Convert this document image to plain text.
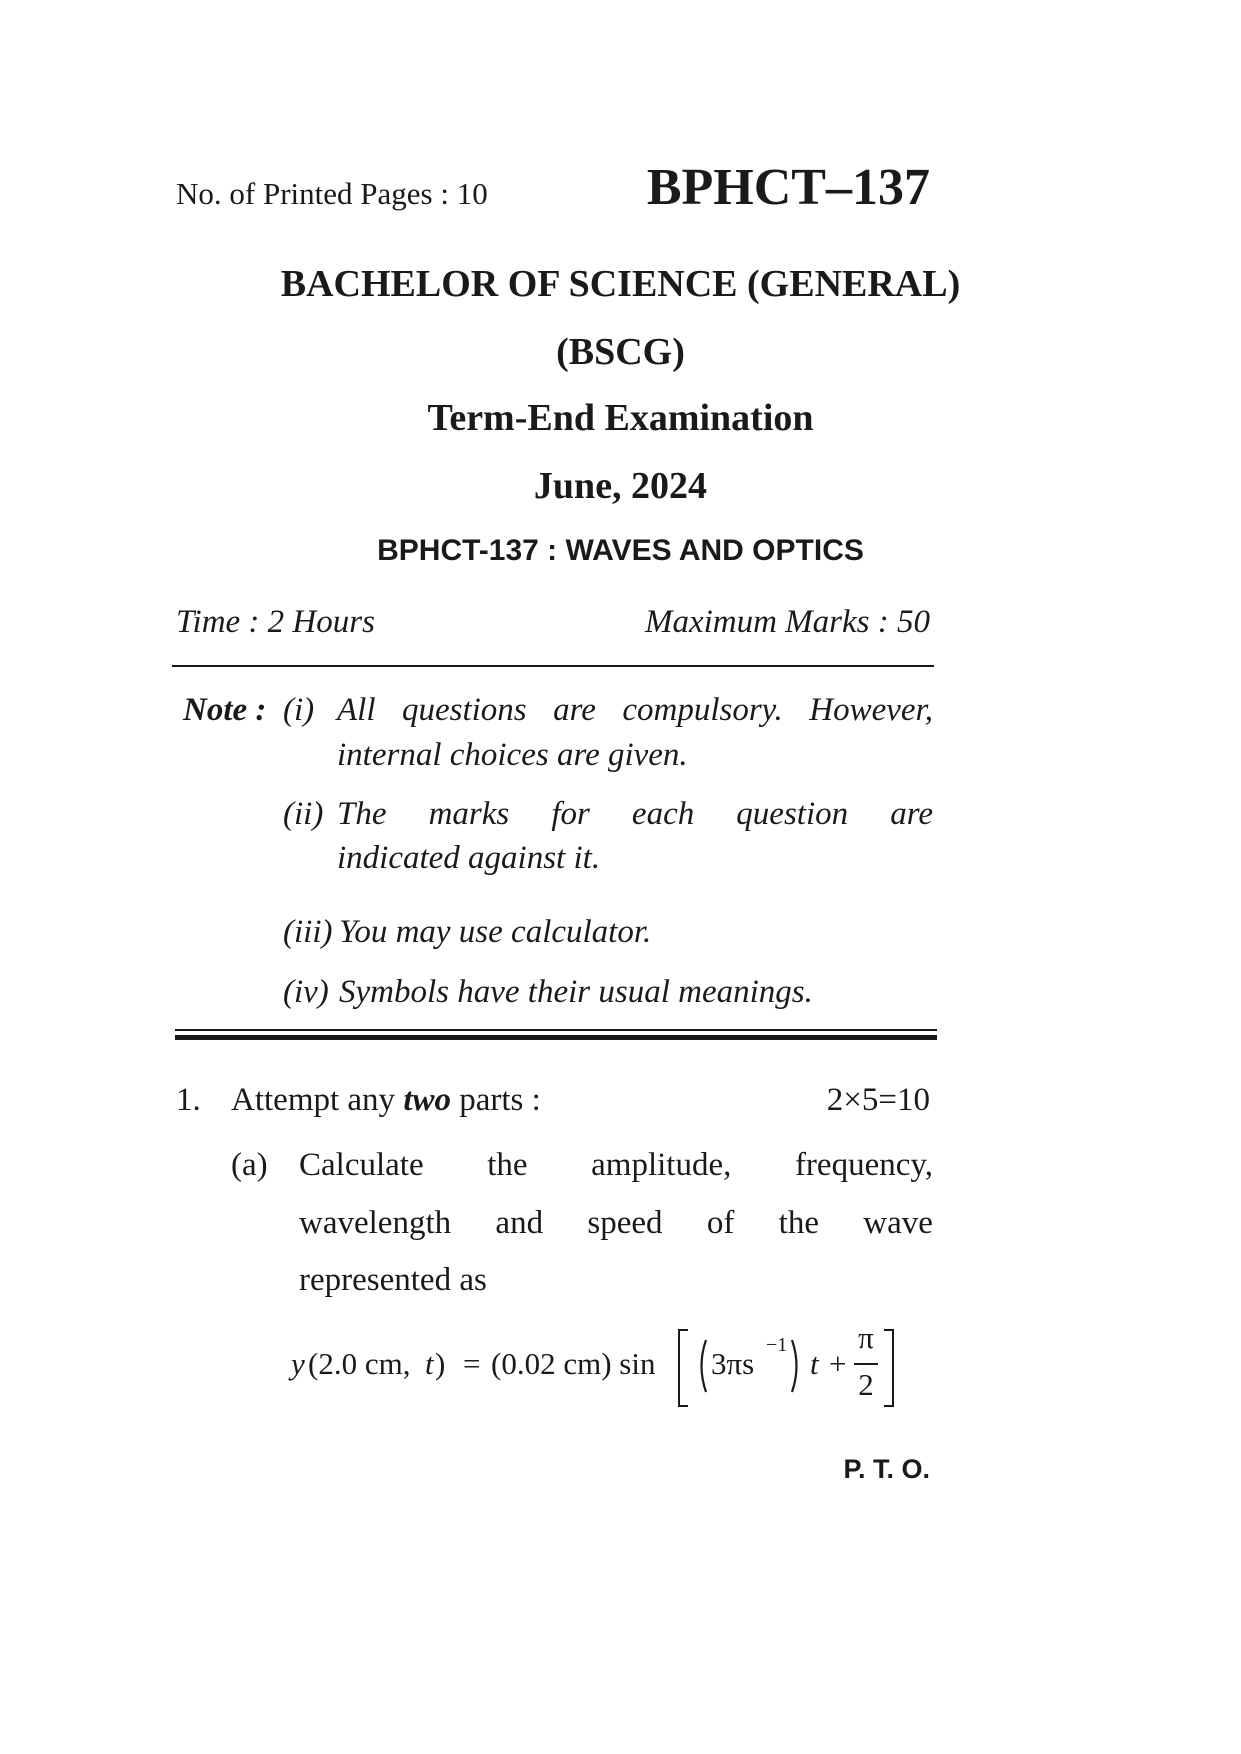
No. of Printed Pages : 10	BPHCT–137
BACHELOR OF SCIENCE (GENERAL)
(BSCG)
Term-End Examination
June, 2024
BPHCT-137 : WAVES AND OPTICS
Time : 2 Hours	Maximum Marks : 50
Note : (i) All questions are compulsory. However,
internal choices are given.
(ii) The marks for each question are
indicated against it.
(iii) You may use calculator.
(iv) Symbols have their usual meanings.
1. Attempt any two parts :	2×5=10
(a) Calculate the amplitude, frequency,
wavelength and speed of the wave
represented as
y (2.0 cm, t ) = (0.02 cm) sin 3πs
−1
t +
π
2
P. T. O.
